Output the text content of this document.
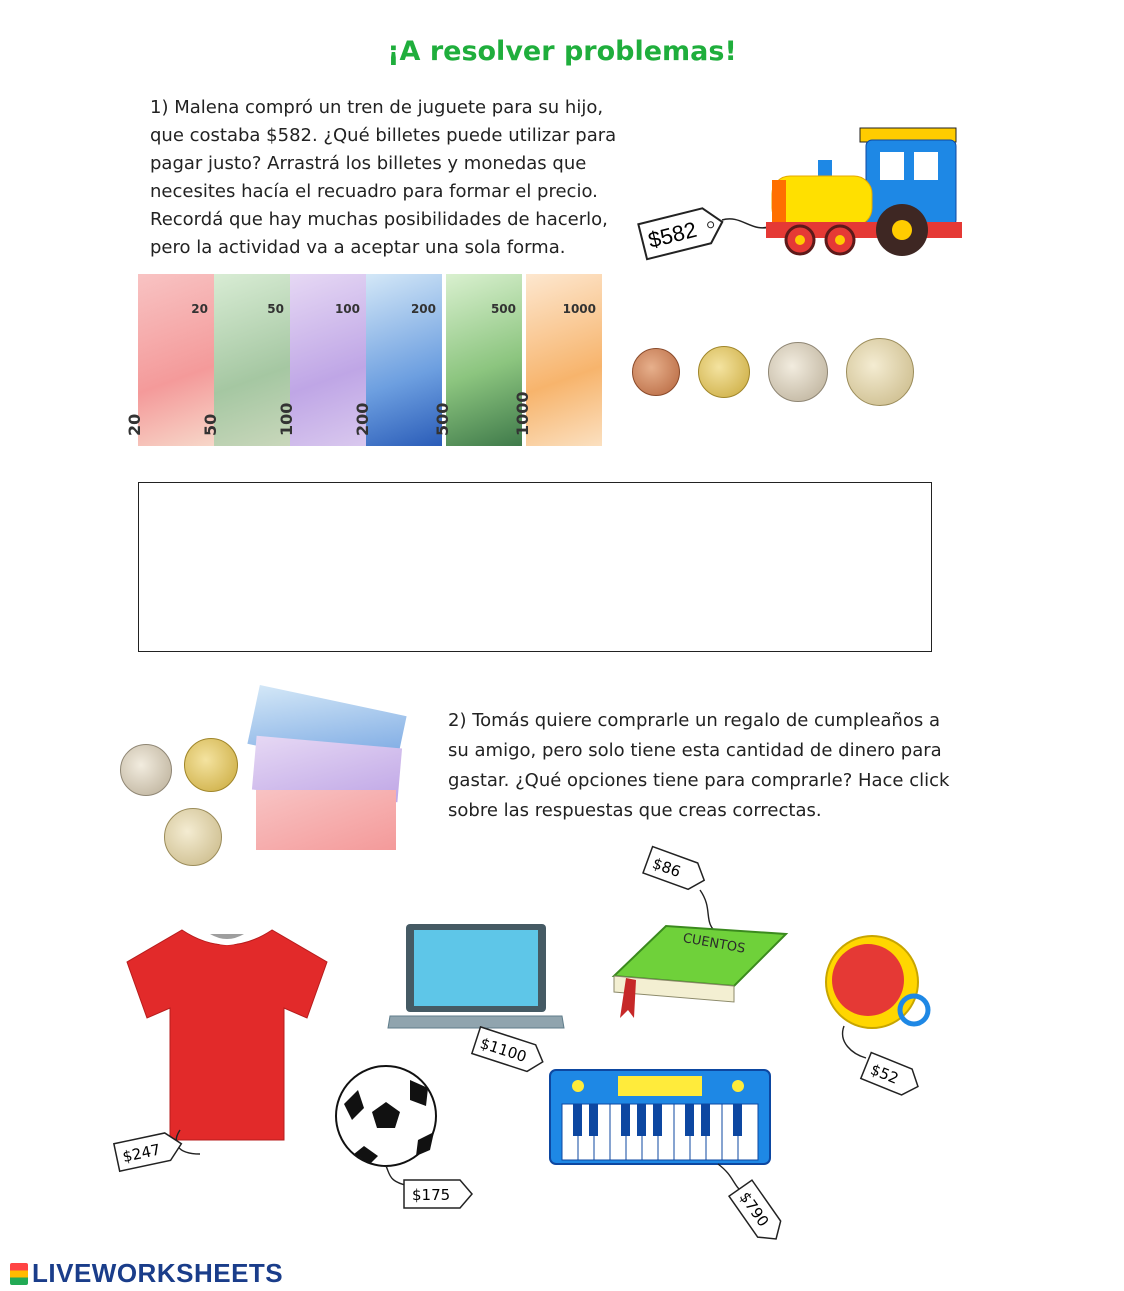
¡A resolver problemas!
1) Malena compró un tren de juguete para su hijo, que costaba $582. ¿Qué billetes puede utilizar para pagar justo? Arrastrá los billetes y monedas que necesites hacía el recuadro para formar el precio. Recordá que hay muchas posibilidades de hacerlo, pero la actividad va a aceptar una sola forma.	$582
20
20
50
50
100
100
200
200
500
500
1000
1000
2) Tomás quiere comprarle un regalo de cumpleaños a su amigo, pero solo tiene esta cantidad de dinero para gastar. ¿Qué opciones tiene para comprarle? Hace click sobre las respuestas que creas correctas.
$247
$175
$1100
$86
CUENTOS
$790
$52
LIVEWORKSHEETS
